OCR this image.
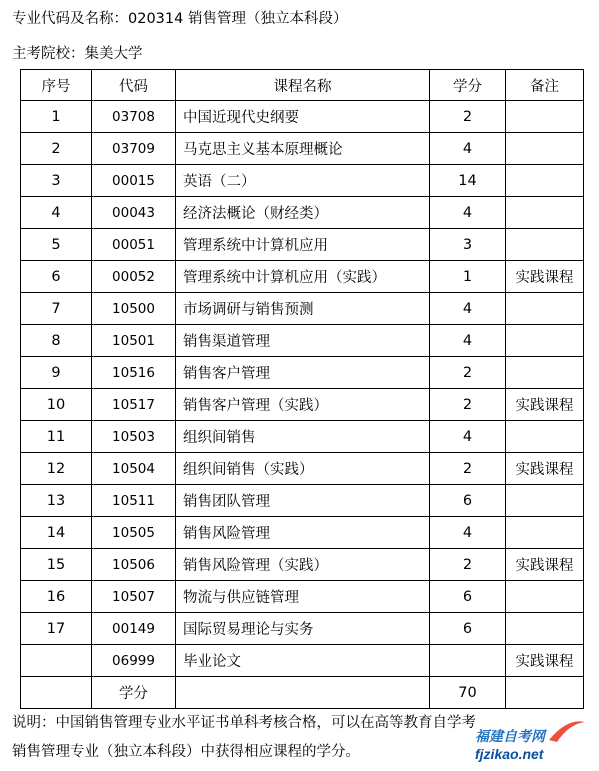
专业代码及名称：020314 销售管理（独立本科段）
主考院校：集美大学
序号	代码	课程名称	学分	备注
1	03708	中国近现代史纲要	2	
2	03709	马克思主义基本原理概论	4	
3	00015	英语（二）	14	
4	00043	经济法概论（财经类）	4	
5	00051	管理系统中计算机应用	3	
6	00052	管理系统中计算机应用（实践）	1	实践课程
7	10500	市场调研与销售预测	4	
8	10501	销售渠道管理	4	
9	10516	销售客户管理	2	
10	10517	销售客户管理（实践）	2	实践课程
11	10503	组织间销售	4	
12	10504	组织间销售（实践）	2	实践课程
13	10511	销售团队管理	6	
14	10505	销售风险管理	4	
15	10506	销售风险管理（实践）	2	实践课程
16	10507	物流与供应链管理	6	
17	00149	国际贸易理论与实务	6	
	06999	毕业论文		实践课程
	学分		70	
说明：中国销售管理专业水平证书单科考核合格，可以在高等教育自学考
销售管理专业（独立本科段）中获得相应课程的学分。
福建自考网
fjzikao.net
